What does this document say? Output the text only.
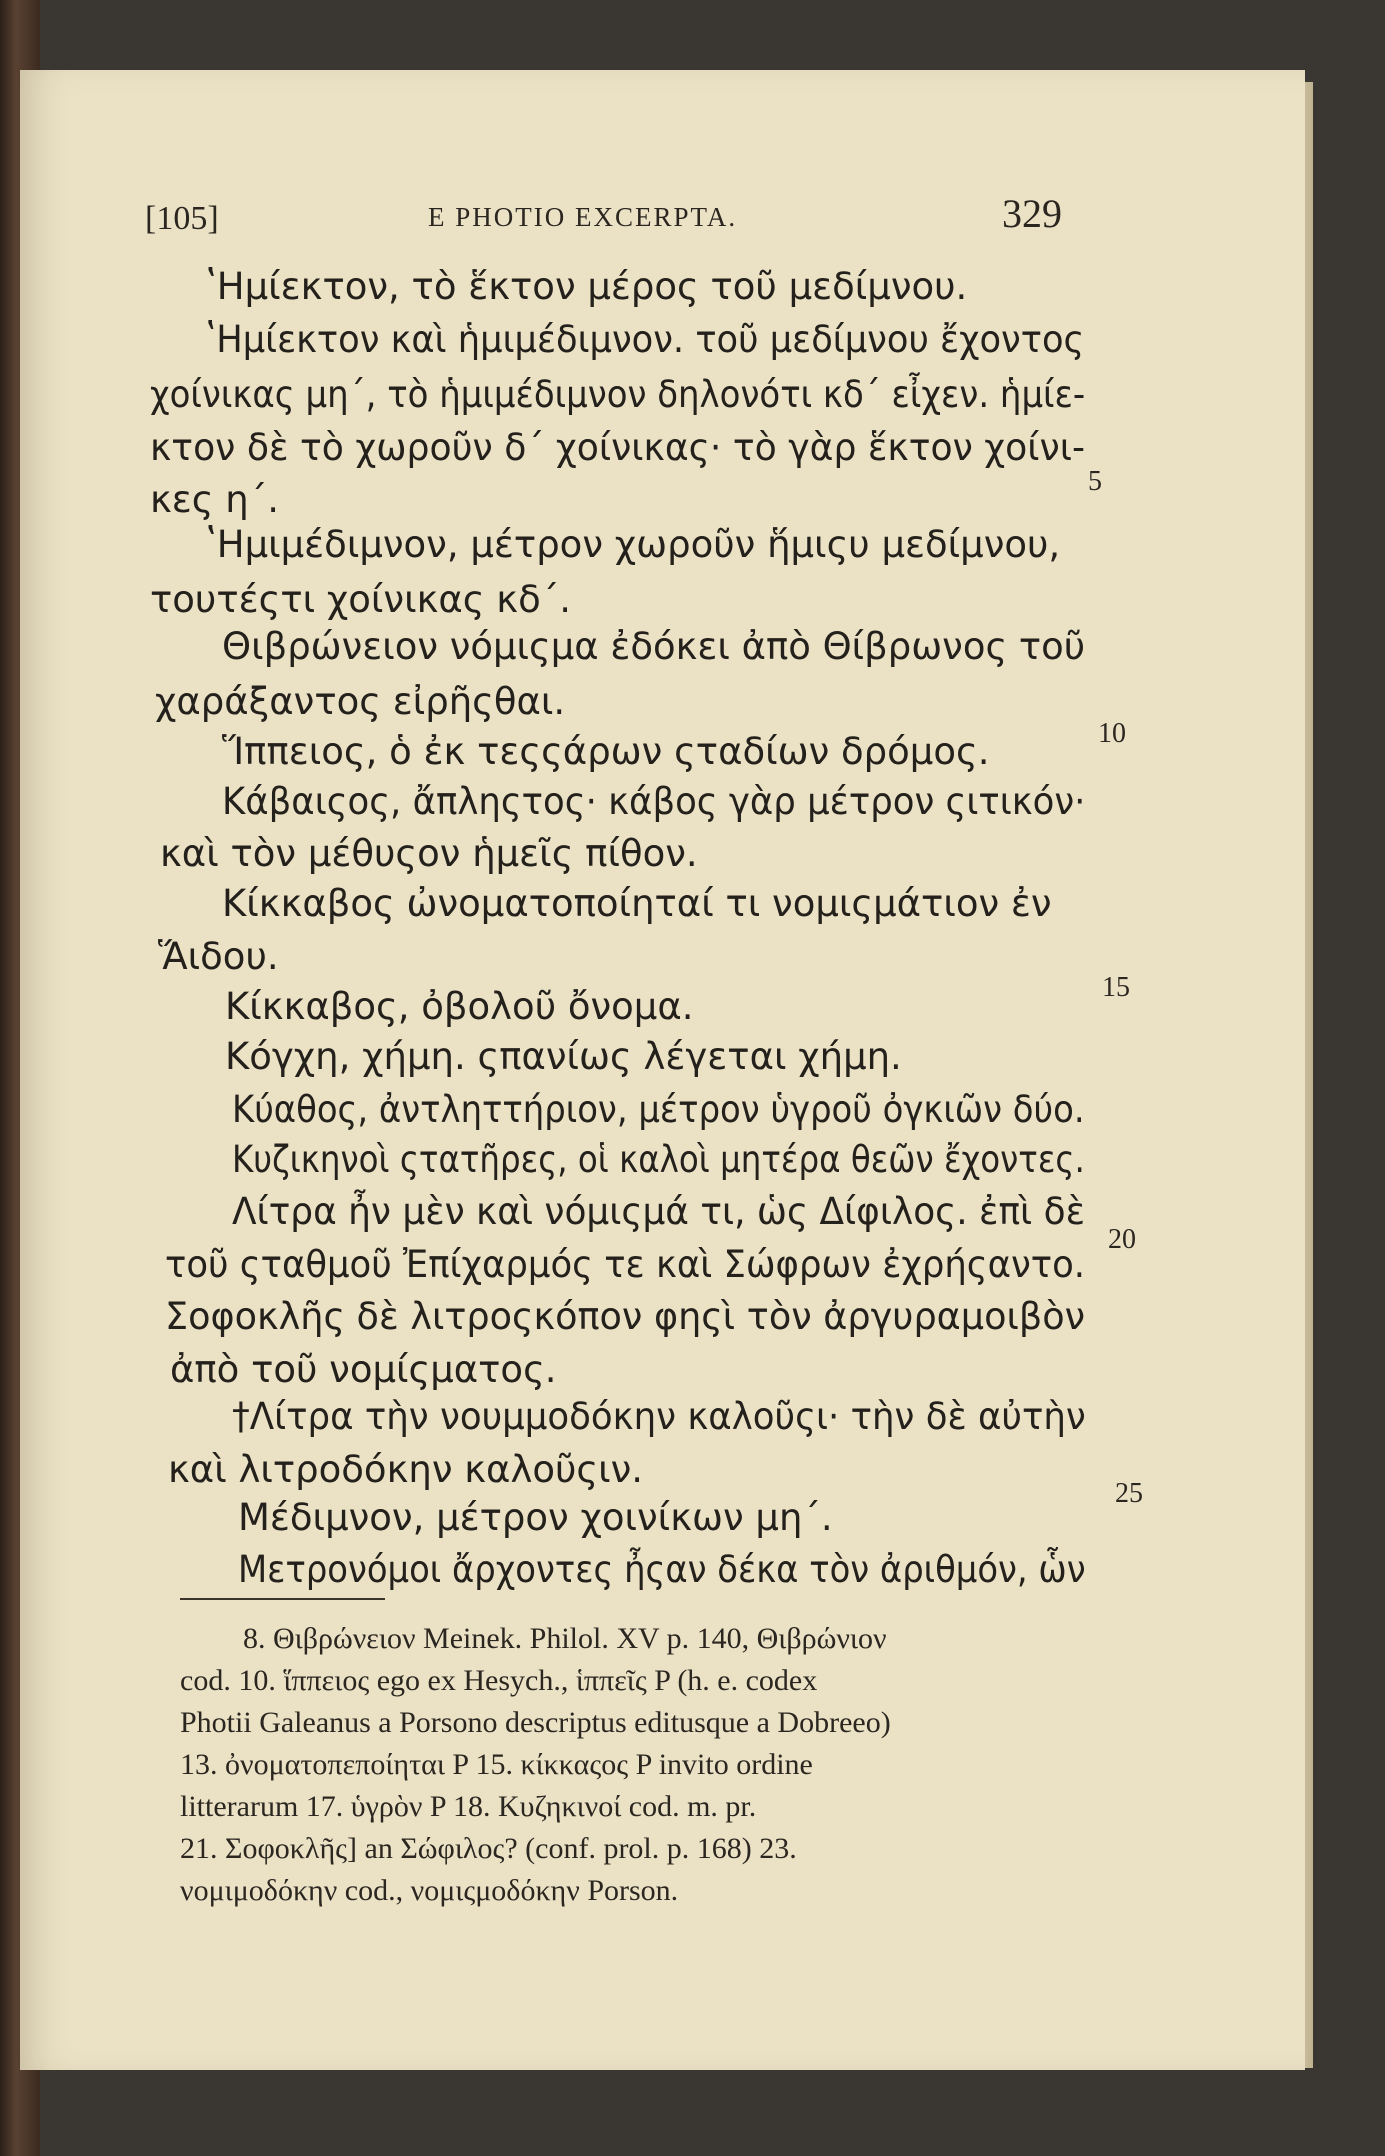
[105]	E PHOTIO EXCERPTA.	329
ʽΗμίεκτον, τὸ ἕκτον μέρος τοῦ μεδίμνου.
ʽΗμίεκτον καὶ ἡμιμέδιμνον. τοῦ μεδίμνου ἔχοντος
χοίνικας μη΄, τὸ ἡμιμέδιμνον δηλονότι κδ΄ εἶχεν. ἡμίε-
κτον δὲ τὸ χωροῦν δ΄ χοίνικας· τὸ γὰρ ἕκτον χοίνι-
κες η΄.
ʽΗμιμέδιμνον, μέτρον χωροῦν ἥμιςυ μεδίμνου,
τουτέςτι χοίνικας κδ΄.
Θιβρώνειον νόμιςμα ἐδόκει ἀπὸ Θίβρωνος τοῦ
χαράξαντος εἰρῆςθαι.
Ἵππειος, ὁ ἐκ τεςςάρων ςταδίων δρόμος.
Κάβαιςος, ἄπληςτος· κάβος γὰρ μέτρον ςιτικόν·
καὶ τὸν μέθυςον ἡμεῖς πίθον.
Κίκκαβος ὠνοματοποίηταί τι νομιςμάτιον ἐν
Ἅιδου.
Κίκκαβος, ὀβολοῦ ὄνομα.
Κόγχη, χήμη. ςπανίως λέγεται χήμη.
Κύαθος, ἀντληττήριον, μέτρον ὑγροῦ ὀγκιῶν δύο.
Κυζικηνοὶ ςτατῆρες, οἱ καλοὶ μητέρα θεῶν ἔχοντες.
Λίτρα ἦν μὲν καὶ νόμιςμά τι, ὡς Δίφιλος. ἐπὶ δὲ
τοῦ ςταθμοῦ Ἐπίχαρμός τε καὶ Σώφρων ἐχρήςαντο.
Σοφοκλῆς δὲ λιτροςκόπον φηςὶ τὸν ἀργυραμοιβὸν
ἀπὸ τοῦ νομίςματος.
†Λίτρα τὴν νουμμοδόκην καλοῦςι· τὴν δὲ αὐτὴν
καὶ λιτροδόκην καλοῦςιν.
Μέδιμνον, μέτρον χοινίκων μη΄.
Μετρονόμοι ἄρχοντες ἦςαν δέκα τὸν ἀριθμόν, ὧν
5
10
15
20
25
8. Θιβρώνειον Meinek. Philol. XV p. 140, Θιβρώνιον
cod. 10. ἵππειος ego ex Hesych., ἱππεῖς P (h. e. codex
Photii Galeanus a Porsono descriptus editusque a Dobreeo)
13. ὀνοματοπεποίηται P 15. κίκκαςος P invito ordine
litterarum 17. ὑγρὸν P 18. Κυζηκινοί cod. m. pr.
21. Σοφοκλῆς] an Σώφιλος? (conf. prol. p. 168) 23.
νομιμοδόκην cod., νομιςμοδόκην Porson.
